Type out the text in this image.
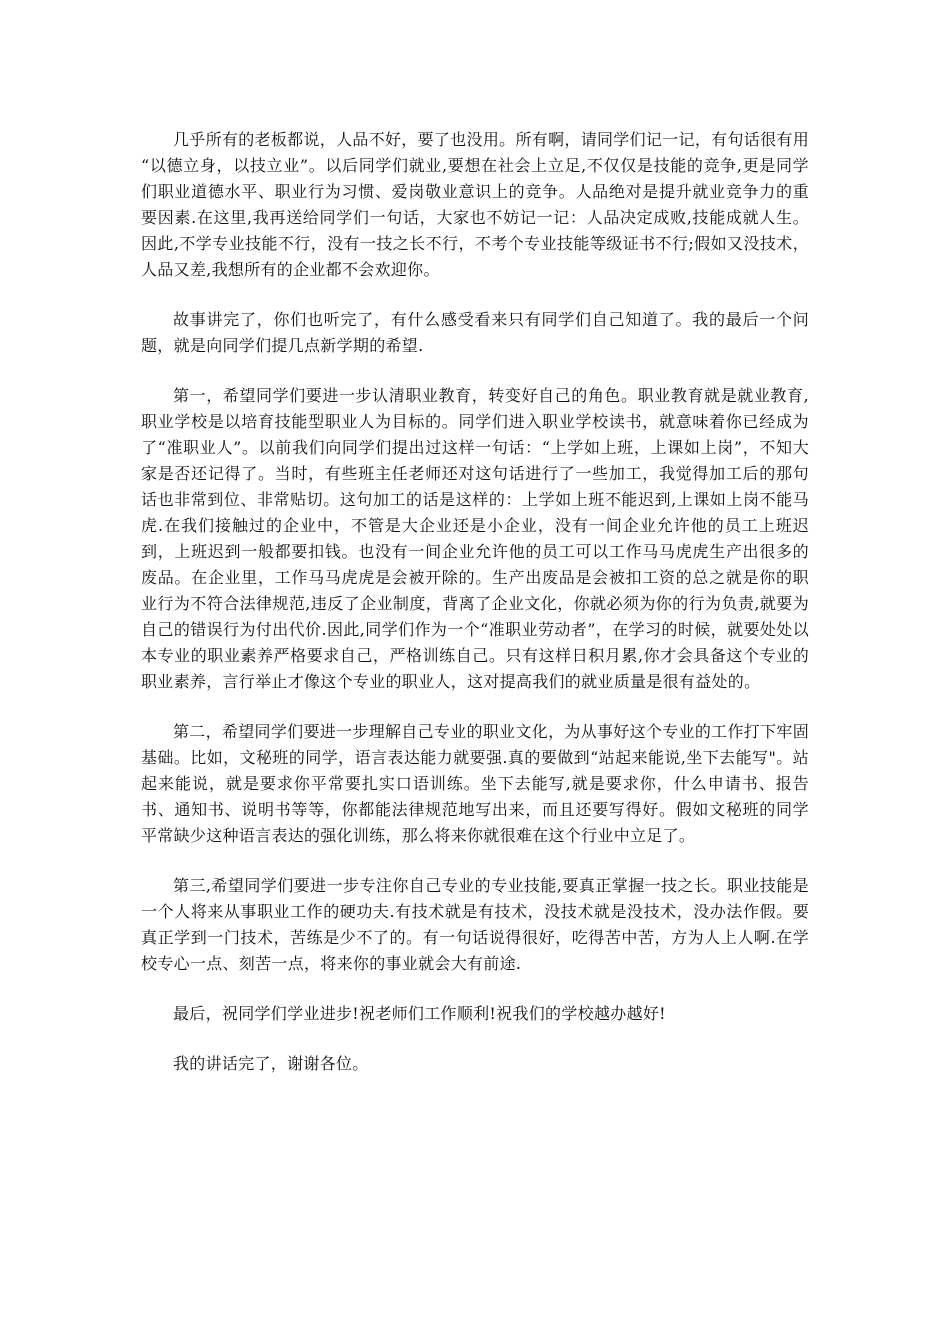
几乎所有的老板都说，人品不好，要了也没用。所有啊，请同学们记一记，有句话很有用 “以德立身，以技立业”。以后同学们就业,要想在社会上立足,不仅仅是技能的竞争,更是同学们职业道德水平、职业行为习惯、爱岗敬业意识上的竞争。人品绝对是提升就业竞争力的重要因素.在这里,我再送给同学们一句话，大家也不妨记一记：人品决定成败,技能成就人生。因此,不学专业技能不行，没有一技之长不行，不考个专业技能等级证书不行;假如又没技术，人品又差,我想所有的企业都不会欢迎你。

故事讲完了，你们也听完了，有什么感受看来只有同学们自己知道了。我的最后一个问题，就是向同学们提几点新学期的希望.

第一，希望同学们要进一步认清职业教育，转变好自己的角色。职业教育就是就业教育,职业学校是以培育技能型职业人为目标的。同学们进入职业学校读书，就意味着你已经成为了“准职业人”。以前我们向同学们提出过这样一句话：“上学如上班，上课如上岗”，不知大家是否还记得了。当时，有些班主任老师还对这句话进行了一些加工，我觉得加工后的那句话也非常到位、非常贴切。这句加工的话是这样的：上学如上班不能迟到,上课如上岗不能马虎.在我们接触过的企业中，不管是大企业还是小企业，没有一间企业允许他的员工上班迟到，上班迟到一般都要扣钱。也没有一间企业允许他的员工可以工作马马虎虎生产出很多的废品。在企业里，工作马马虎虎是会被开除的。生产出废品是会被扣工资的总之就是你的职业行为不符合法律规范,违反了企业制度，背离了企业文化，你就必须为你的行为负责,就要为自己的错误行为付出代价.因此,同学们作为一个“准职业劳动者”，在学习的时候，就要处处以本专业的职业素养严格要求自己，严格训练自己。只有这样日积月累,你才会具备这个专业的职业素养，言行举止才像这个专业的职业人，这对提高我们的就业质量是很有益处的。

第二，希望同学们要进一步理解自己专业的职业文化，为从事好这个专业的工作打下牢固基础。比如，文秘班的同学，语言表达能力就要强.真的要做到“站起来能说,坐下去能写"。站起来能说，就是要求你平常要扎实口语训练。坐下去能写,就是要求你，什么申请书、报告书、通知书、说明书等等，你都能法律规范地写出来，而且还要写得好。假如文秘班的同学平常缺少这种语言表达的强化训练，那么将来你就很难在这个行业中立足了。

第三,希望同学们要进一步专注你自己专业的专业技能,要真正掌握一技之长。职业技能是一个人将来从事职业工作的硬功夫.有技术就是有技术，没技术就是没技术，没办法作假。要真正学到一门技术，苦练是少不了的。有一句话说得很好，吃得苦中苦，方为人上人啊.在学校专心一点、刻苦一点，将来你的事业就会大有前途.

最后，祝同学们学业进步!祝老师们工作顺利!祝我们的学校越办越好!

我的讲话完了，谢谢各位。
